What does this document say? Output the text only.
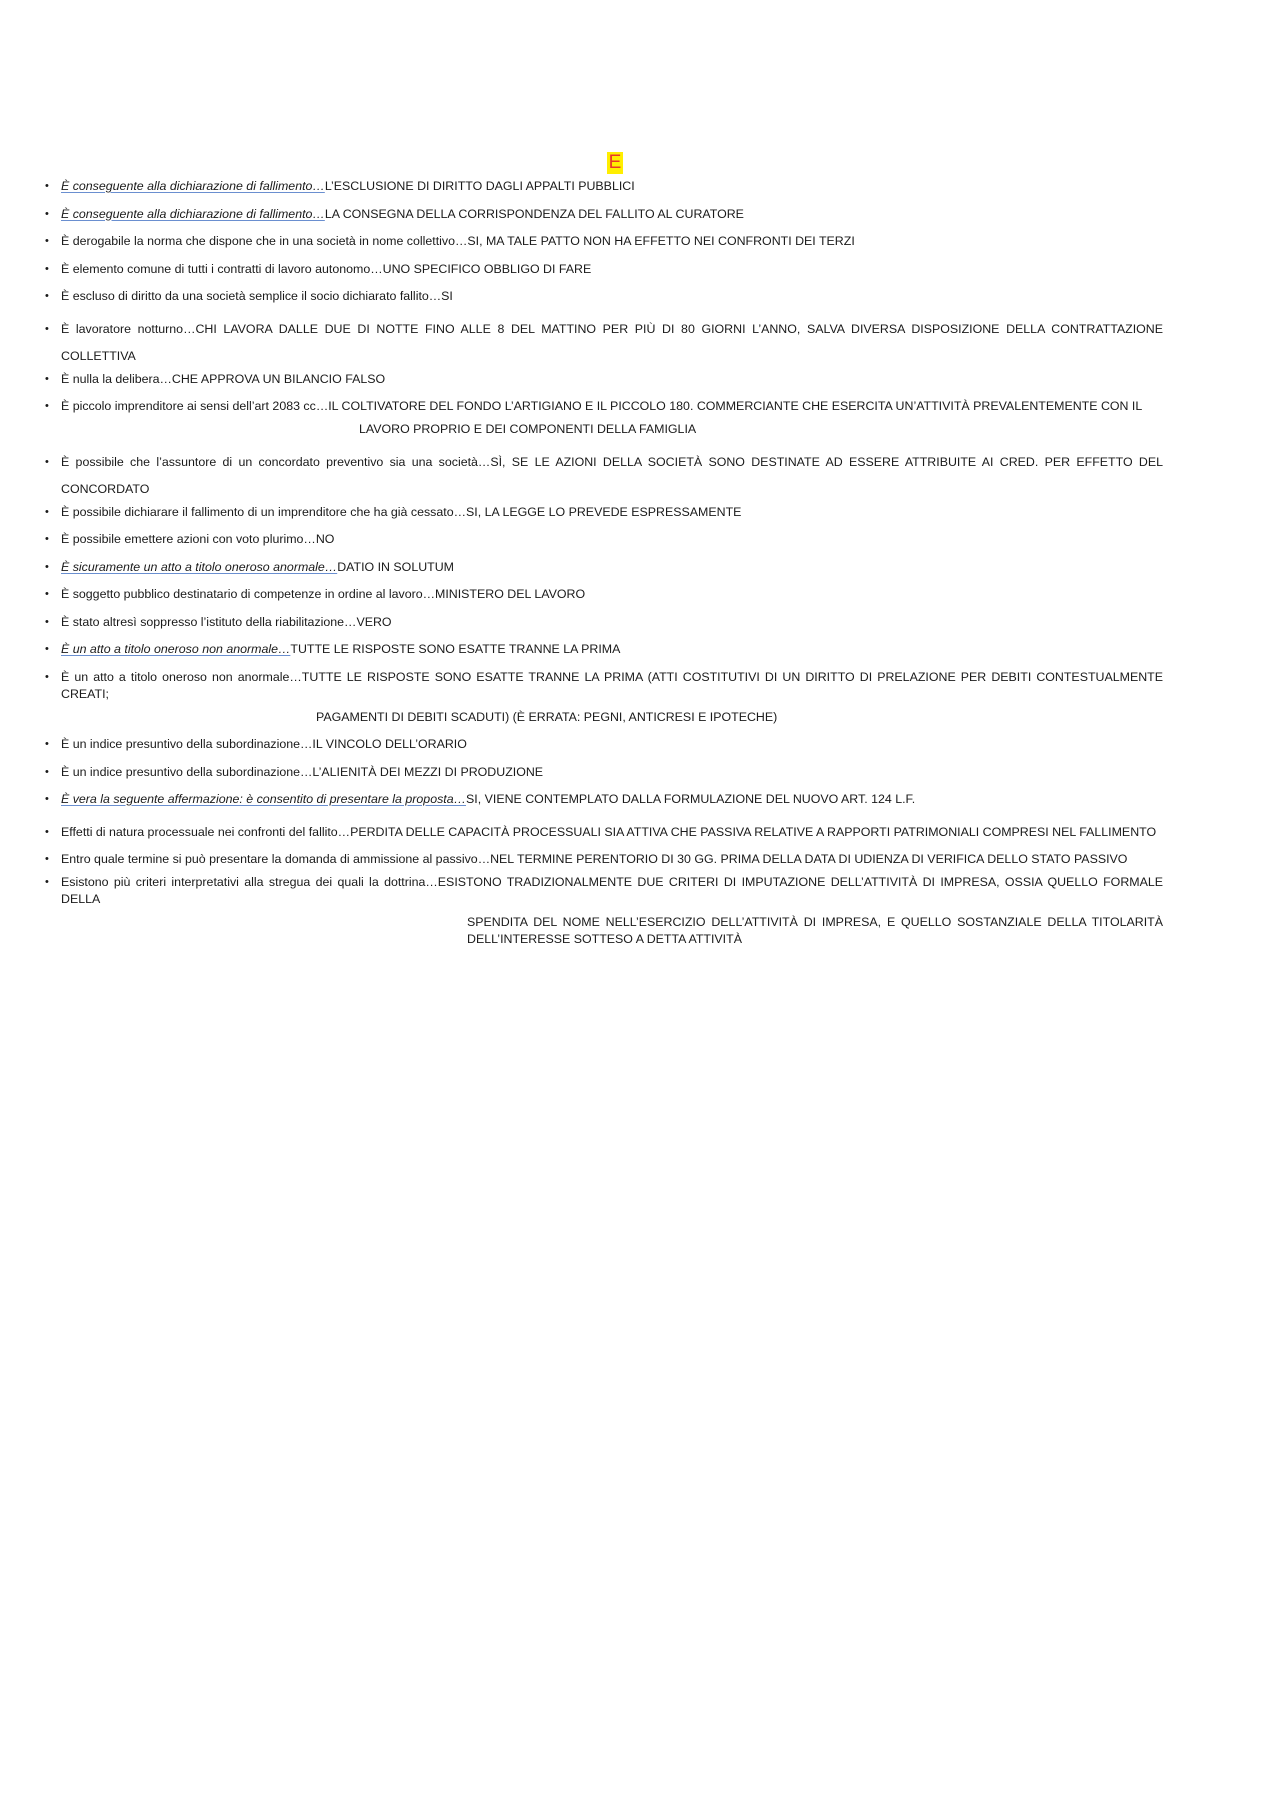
E
• È conseguente alla dichiarazione di fallimento…L’ESCLUSIONE DI DIRITTO DAGLI APPALTI PUBBLICI
• È conseguente alla dichiarazione di fallimento…LA CONSEGNA DELLA CORRISPONDENZA DEL FALLITO AL CURATORE
• È derogabile la norma che dispone che in una società in nome collettivo…SI, MA TALE PATTO NON HA EFFETTO NEI CONFRONTI DEI TERZI
• È elemento comune di tutti i contratti di lavoro autonomo…UNO SPECIFICO OBBLIGO DI FARE
• È escluso di diritto da una società semplice il socio dichiarato fallito…SI
• È lavoratore notturno…CHI LAVORA DALLE DUE DI NOTTE FINO ALLE 8 DEL MATTINO PER PIÙ DI 80 GIORNI L’ANNO, SALVA DIVERSA DISPOSIZIONE DELLA CONTRATTAZIONE COLLETTIVA
• È nulla la delibera…CHE APPROVA UN BILANCIO FALSO
• È piccolo imprenditore ai sensi dell’art 2083 cc…IL COLTIVATORE DEL FONDO L’ARTIGIANO E IL PICCOLO 180. COMMERCIANTE CHE ESERCITA UN’ATTIVITÀ PREVALENTEMENTE CON IL
LAVORO PROPRIO E DEI COMPONENTI DELLA FAMIGLIA
• È possibile che l’assuntore di un concordato preventivo sia una società…SÌ, SE LE AZIONI DELLA SOCIETÀ SONO DESTINATE AD ESSERE ATTRIBUITE AI CRED. PER EFFETTO DEL CONCORDATO
• È possibile dichiarare il fallimento di un imprenditore che ha già cessato…SI, LA LEGGE LO PREVEDE ESPRESSAMENTE
• È possibile emettere azioni con voto plurimo…NO
• È sicuramente un atto a titolo oneroso anormale…DATIO IN SOLUTUM
• È soggetto pubblico destinatario di competenze in ordine al lavoro…MINISTERO DEL LAVORO
• È stato altresì soppresso l’istituto della riabilitazione…VERO
• È un atto a titolo oneroso non anormale…TUTTE LE RISPOSTE SONO ESATTE TRANNE LA PRIMA
• È un atto a titolo oneroso non anormale…TUTTE LE RISPOSTE SONO ESATTE TRANNE LA PRIMA (ATTI COSTITUTIVI DI UN DIRITTO DI PRELAZIONE PER DEBITI CONTESTUALMENTE CREATI;
PAGAMENTI DI DEBITI SCADUTI) (È ERRATA: PEGNI, ANTICRESI E IPOTECHE)
• È un indice presuntivo della subordinazione…IL VINCOLO DELL’ORARIO
• È un indice presuntivo della subordinazione…L’ALIENITÀ DEI MEZZI DI PRODUZIONE
• È vera la seguente affermazione: è consentito di presentare la proposta…SI, VIENE CONTEMPLATO DALLA FORMULAZIONE DEL NUOVO ART. 124 L.F.
• Effetti di natura processuale nei confronti del fallito…PERDITA DELLE CAPACITÀ PROCESSUALI SIA ATTIVA CHE PASSIVA RELATIVE A RAPPORTI PATRIMONIALI COMPRESI NEL FALLIMENTO
• Entro quale termine si può presentare la domanda di ammissione al passivo…NEL TERMINE PERENTORIO DI 30 GG. PRIMA DELLA DATA DI UDIENZA DI VERIFICA DELLO STATO PASSIVO
• Esistono più criteri interpretativi alla stregua dei quali la dottrina…ESISTONO TRADIZIONALMENTE DUE CRITERI DI IMPUTAZIONE DELL’ATTIVITÀ DI IMPRESA, OSSIA QUELLO FORMALE DELLA
SPENDITA DEL NOME NELL’ESERCIZIO DELL’ATTIVITÀ DI IMPRESA, E QUELLO SOSTANZIALE DELLA TITOLARITÀ DELL’INTERESSE SOTTESO A DETTA ATTIVITÀ
